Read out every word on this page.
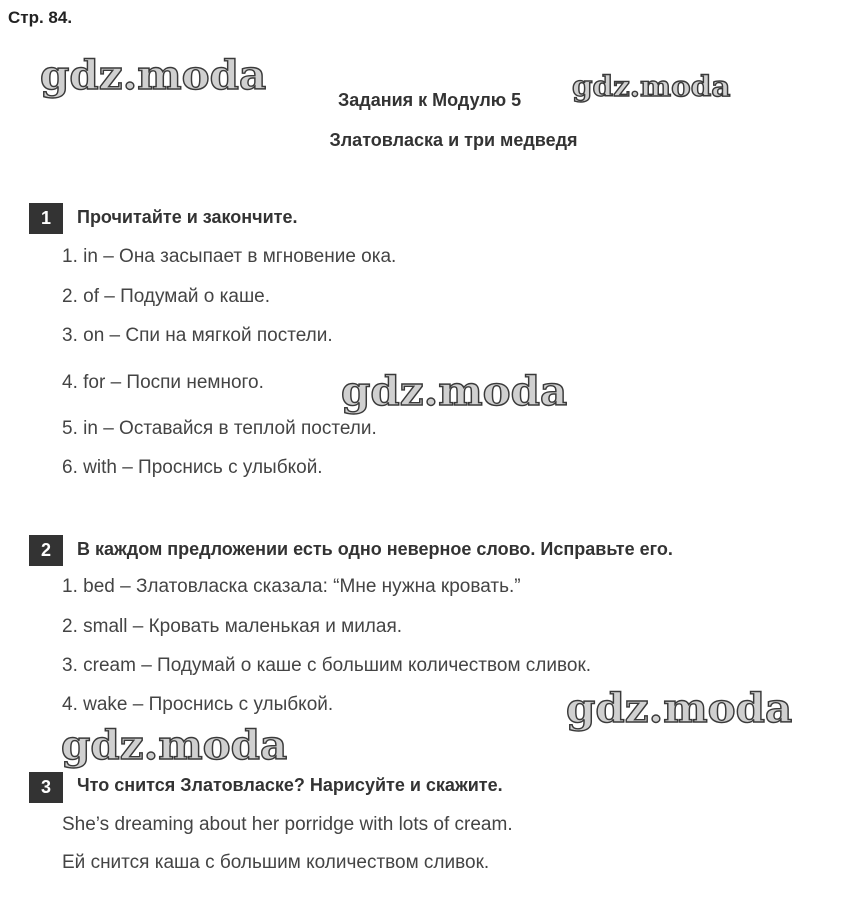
Стр. 84.
gdz.moda
Задания к Модулю 5 gdz.moda
Златовласка и три медведя
1	Прочитайте и закончите.
1. in – Она засыпает в мгновение ока.
2. of – Подумай о каше.
3. on – Спи на мягкой постели.
4. for – Поспи немного.
5. in – Оставайся в теплой постели.
6. with – Проснись с улыбкой.
gdz.moda
2	В каждом предложении есть одно неверное слово. Исправьте его.
1. bed – Златовласка сказала: “Мне нужна кровать.”
2. small – Кровать маленькая и милая.
3. cream – Подумай о каше с большим количеством сливок.
4. wake – Проснись с улыбкой.	gdz.moda
gdz.moda
3	Что снится Златовласке? Нарисуйте и скажите.
She’s dreaming about her porridge with lots of cream.
Ей снится каша с большим количеством сливок.
